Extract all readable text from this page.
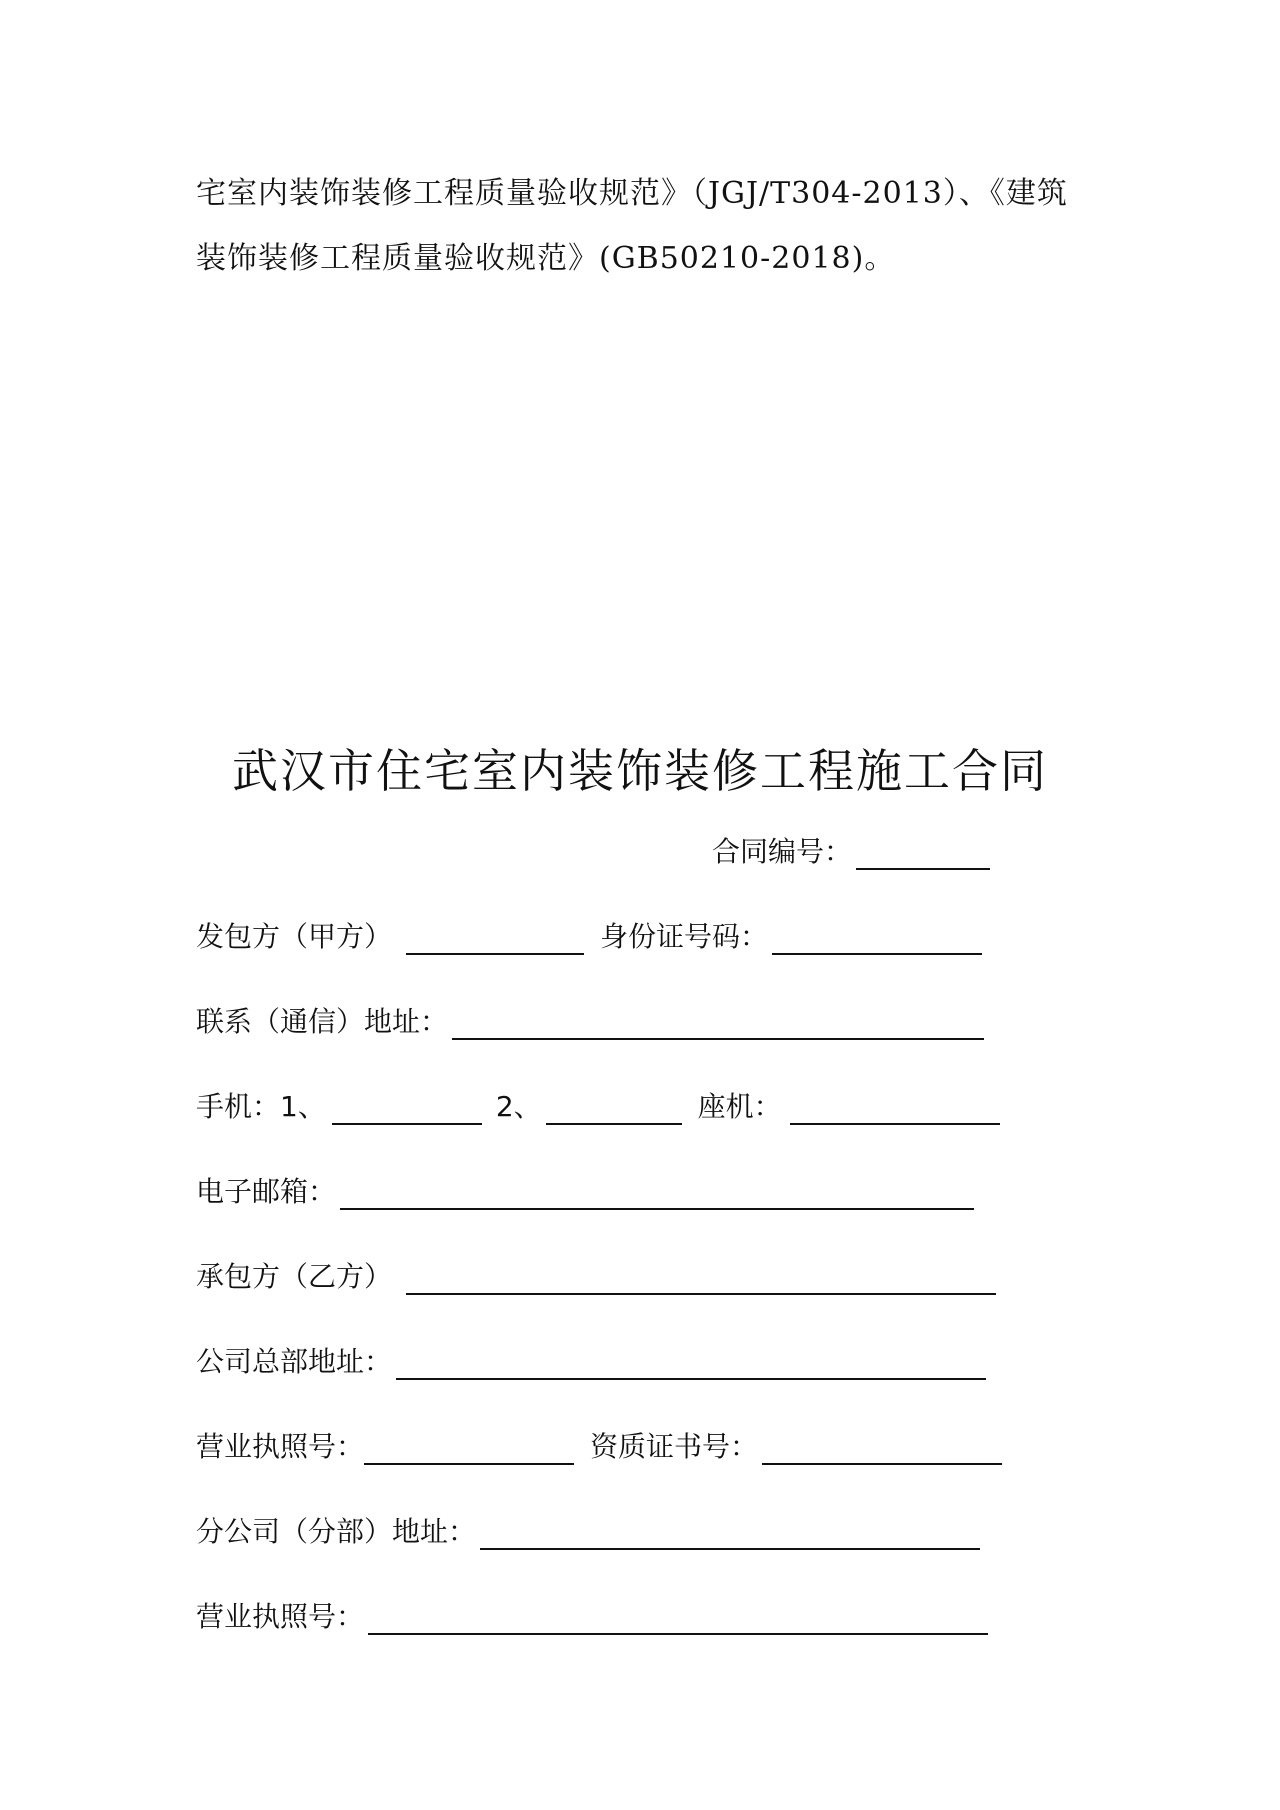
宅室内装饰装修工程质量验收规范》（JGJ/T304-2013）、《建筑
装饰装修工程质量验收规范》(GB50210-2018)。
武汉市住宅室内装饰装修工程施工合同
合同编号：
发包方（甲方）	身份证号码：
联系（通信）地址：
手机：1、	2、	座机：
电子邮箱：
承包方（乙方）
公司总部地址：
营业执照号：	资质证书号：
分公司（分部）地址：
营业执照号：
